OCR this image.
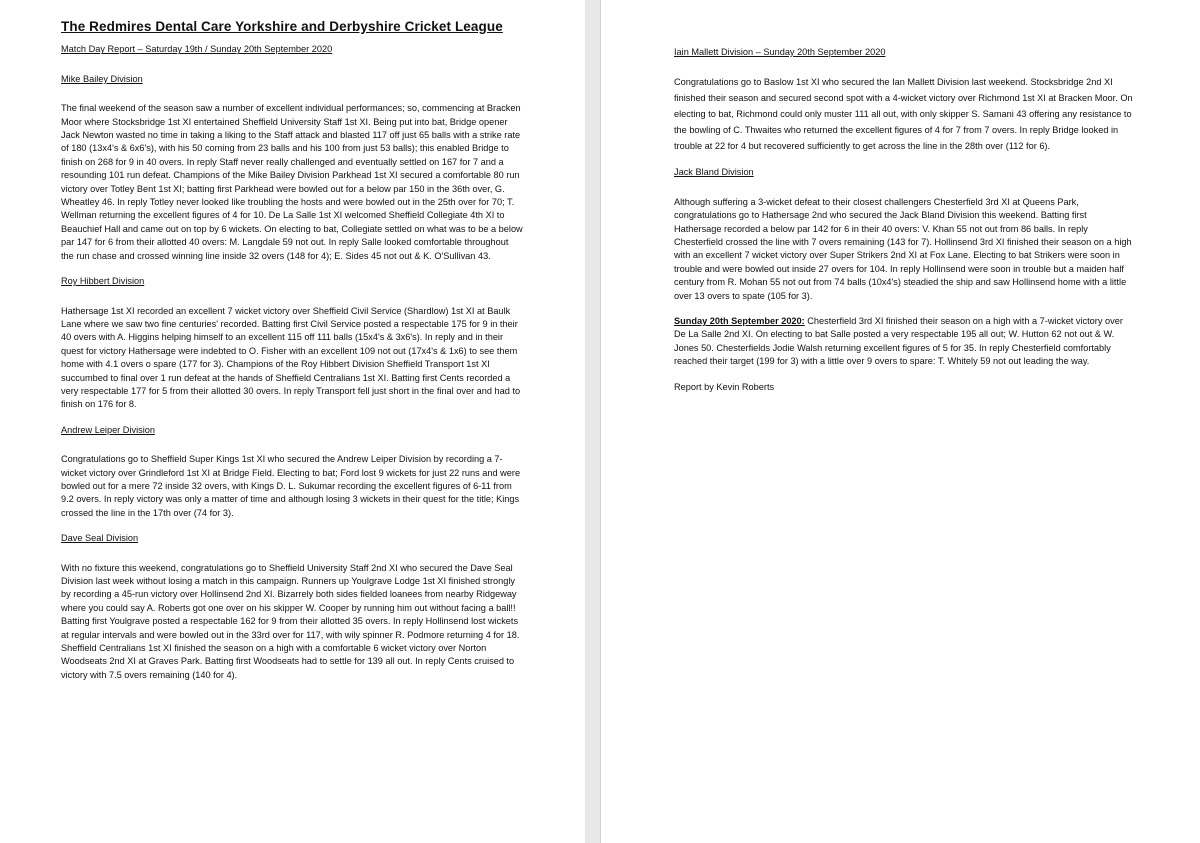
The Redmires Dental Care Yorkshire and Derbyshire Cricket League
Match Day Report – Saturday 19th / Sunday 20th September 2020
Mike Bailey Division

The final weekend of the season saw a number of excellent individual performances; so, commencing at Bracken Moor where Stocksbridge 1st XI entertained Sheffield University Staff 1st XI. Being put into bat, Bridge opener Jack Newton wasted no time in taking a liking to the Staff attack and blasted 117 off just 65 balls with a strike rate of 180 (13x4's & 6x6's), with his 50 coming from 23 balls and his 100 from just 53 balls); this enabled Bridge to finish on 268 for 9 in 40 overs. In reply Staff never really challenged and eventually settled on 167 for 7 and a resounding 101 run defeat. Champions of the Mike Bailey Division Parkhead 1st XI secured a comfortable 80 run victory over Totley Bent 1st XI; batting first Parkhead were bowled out for a below par 150 in the 36th over, G. Wheatley 46. In reply Totley never looked like troubling the hosts and were bowled out in the 25th over for 70; T. Wellman returning the excellent figures of 4 for 10. De La Salle 1st XI welcomed Sheffield Collegiate 4th XI to Beauchief Hall and came out on top by 6 wickets. On electing to bat, Collegiate settled on what was to be a below par 147 for 6 from their allotted 40 overs: M. Langdale 59 not out. In reply Salle looked comfortable throughout the run chase and crossed winning line inside 32 overs (148 for 4); E. Sides 45 not out & K. O'Sullivan 43.

Roy Hibbert Division

Hathersage 1st XI recorded an excellent 7 wicket victory over Sheffield Civil Service (Shardlow) 1st XI at Baulk Lane where we saw two fine centuries' recorded. Batting first Civil Service posted a respectable 175 for 9 in their 40 overs with A. Higgins helping himself to an excellent 115 off 111 balls (15x4's & 3x6's). In reply and in their quest for victory Hathersage were indebted to O. Fisher with an excellent 109 not out (17x4's & 1x6) to see them home with 4.1 overs o spare (177 for 3). Champions of the Roy Hibbert Division Sheffield Transport 1st XI succumbed to final over 1 run defeat at the hands of Sheffield Centralians 1st XI. Batting first Cents recorded a very respectable 177 for 5 from their allotted 30 overs. In reply Transport fell just short in the final over and had to finish on 176 for 8.

Andrew Leiper Division

Congratulations go to Sheffield Super Kings 1st XI who secured the Andrew Leiper Division by recording a 7-wicket victory over Grindleford 1st XI at Bridge Field. Electing to bat; Ford lost 9 wickets for just 22 runs and were bowled out for a mere 72 inside 32 overs, with Kings D. L. Sukumar recording the excellent figures of 6-11 from 9.2 overs. In reply victory was only a matter of time and although losing 3 wickets in their quest for the title; Kings crossed the line in the 17th over (74 for 3).

Dave Seal Division

With no fixture this weekend, congratulations go to Sheffield University Staff 2nd XI who secured the Dave Seal Division last week without losing a match in this campaign. Runners up Youlgrave Lodge 1st XI finished strongly by recording a 45-run victory over Hollinsend 2nd XI. Bizarrely both sides fielded loanees from nearby Ridgeway where you could say A. Roberts got one over on his skipper W. Cooper by running him out without facing a ball!! Batting first Youlgrave posted a respectable 162 for 9 from their allotted 35 overs. In reply Hollinsend lost wickets at regular intervals and were bowled out in the 33rd over for 117, with wily spinner R. Podmore returning 4 for 18. Sheffield Centralians 1st XI finished the season on a high with a comfortable 6 wicket victory over Norton Woodseats 2nd XI at Graves Park. Batting first Woodseats had to settle for 139 all out. In reply Cents cruised to victory with 7.5 overs remaining (140 for 4).

Iain Mallett Division – Sunday 20th September 2020

Congratulations go to Baslow 1st XI who secured the Ian Mallett Division last weekend. Stocksbridge 2nd XI finished their season and secured second spot with a 4-wicket victory over Richmond 1st XI at Bracken Moor. On electing to bat, Richmond could only muster 111 all out, with only skipper S. Samani 43 offering any resistance to the bowling of C. Thwaites who returned the excellent figures of 4 for 7 from 7 overs. In reply Bridge looked in trouble at 22 for 4 but recovered sufficiently to get across the line in the 28th over (112 for 6).

Jack Bland Division

Although suffering a 3-wicket defeat to their closest challengers Chesterfield 3rd XI at Queens Park, congratulations go to Hathersage 2nd who secured the Jack Bland Division this weekend. Batting first Hathersage recorded a below par 142 for 6 in their 40 overs: V. Khan 55 not out from 86 balls. In reply Chesterfield crossed the line with 7 overs remaining (143 for 7). Hollinsend 3rd XI finished their season on a high with an excellent 7 wicket victory over Super Strikers 2nd XI at Fox Lane. Electing to bat Strikers were soon in trouble and were bowled out inside 27 overs for 104. In reply Hollinsend were soon in trouble but a maiden half century from R. Mohan 55 not out from 74 balls (10x4's) steadied the ship and saw Hollinsend home with a little over 13 overs to spate (105 for 3).

Sunday 20th September 2020: Chesterfield 3rd XI finished their season on a high with a 7-wicket victory over De La Salle 2nd XI. On electing to bat Salle posted a very respectable 195 all out; W. Hutton 62 not out & W. Jones 50. Chesterfields Jodie Walsh returning excellent figures of 5 for 35. In reply Chesterfield comfortably reached their target (199 for 3) with a little over 9 overs to spare: T. Whitely 59 not out leading the way.

Report by Kevin Roberts
